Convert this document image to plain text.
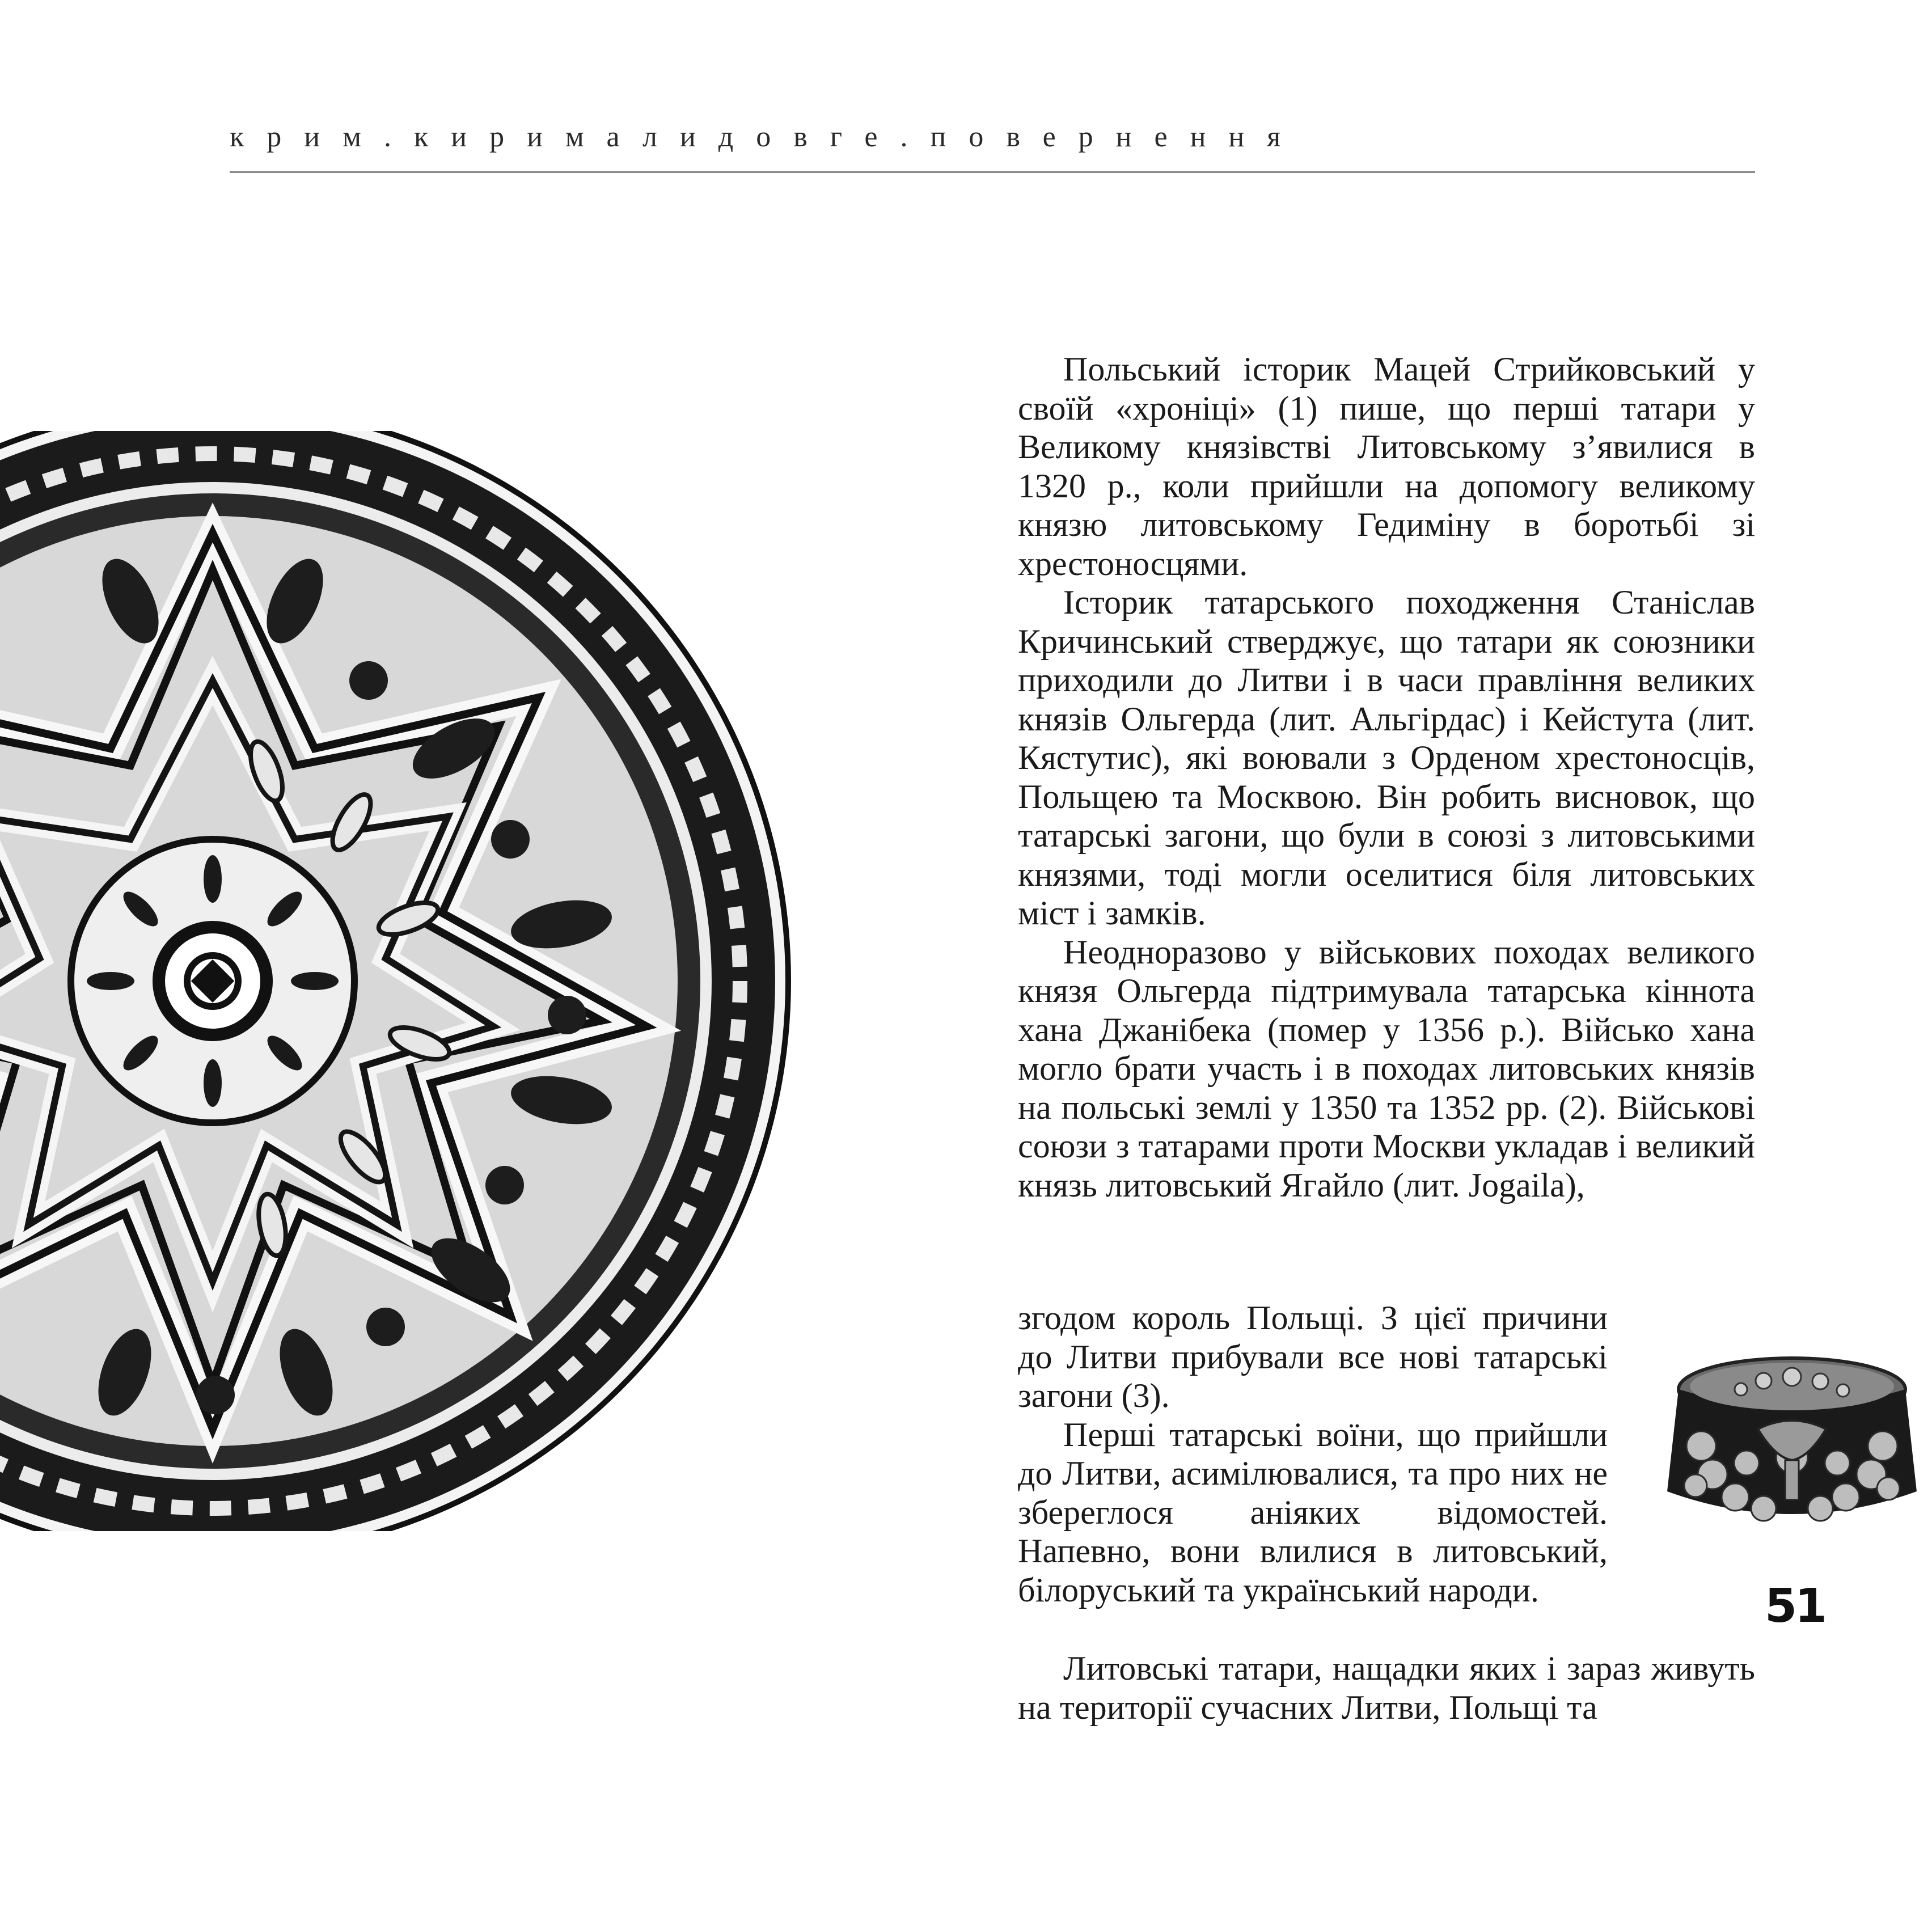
крим.кирималидовге.повернення

Польський історик Мацей Стрийковський у своїй «хроніці» (1) пише, що перші татари у Великому князівстві Литовському з’явилися в 1320 р., коли прийшли на допомогу великому князю литовському Гедиміну в боротьбі зі хрестоносцями.

Історик татарського походження Станіслав Кричинський стверджує, що татари як союзники приходили до Литви і в часи правління великих князів Ольгерда (лит. Альгірдас) і Кейстута (лит. Кястутис), які воювали з Орденом хрестоносців, Польщею та Москвою. Він робить висновок, що татарські загони, що були в союзі з литовськими князями, тоді могли оселитися біля литовських міст і замків.

Неодноразово у військових походах великого князя Ольгерда підтримувала татарська кіннота хана Джанібека (помер у 1356 р.). Військо хана могло брати участь і в походах литовських князів на польські землі у 1350 та 1352 рр. (2). Військові союзи з татарами проти Москви укладав і великий князь литовський Ягайло (лит. Jogaila),

згодом король Польщі. З цієї причини до Литви прибували все нові татарські загони (3).

Перші татарські воїни, що прийшли до Литви, асимілювалися, та про них не збереглося аніяких відомостей. Напевно, вони влилися в литовський, білоруський та український народи.

Литовські татари, нащадки яких і зараз живуть на території сучасних Литви, Польщі та

51
